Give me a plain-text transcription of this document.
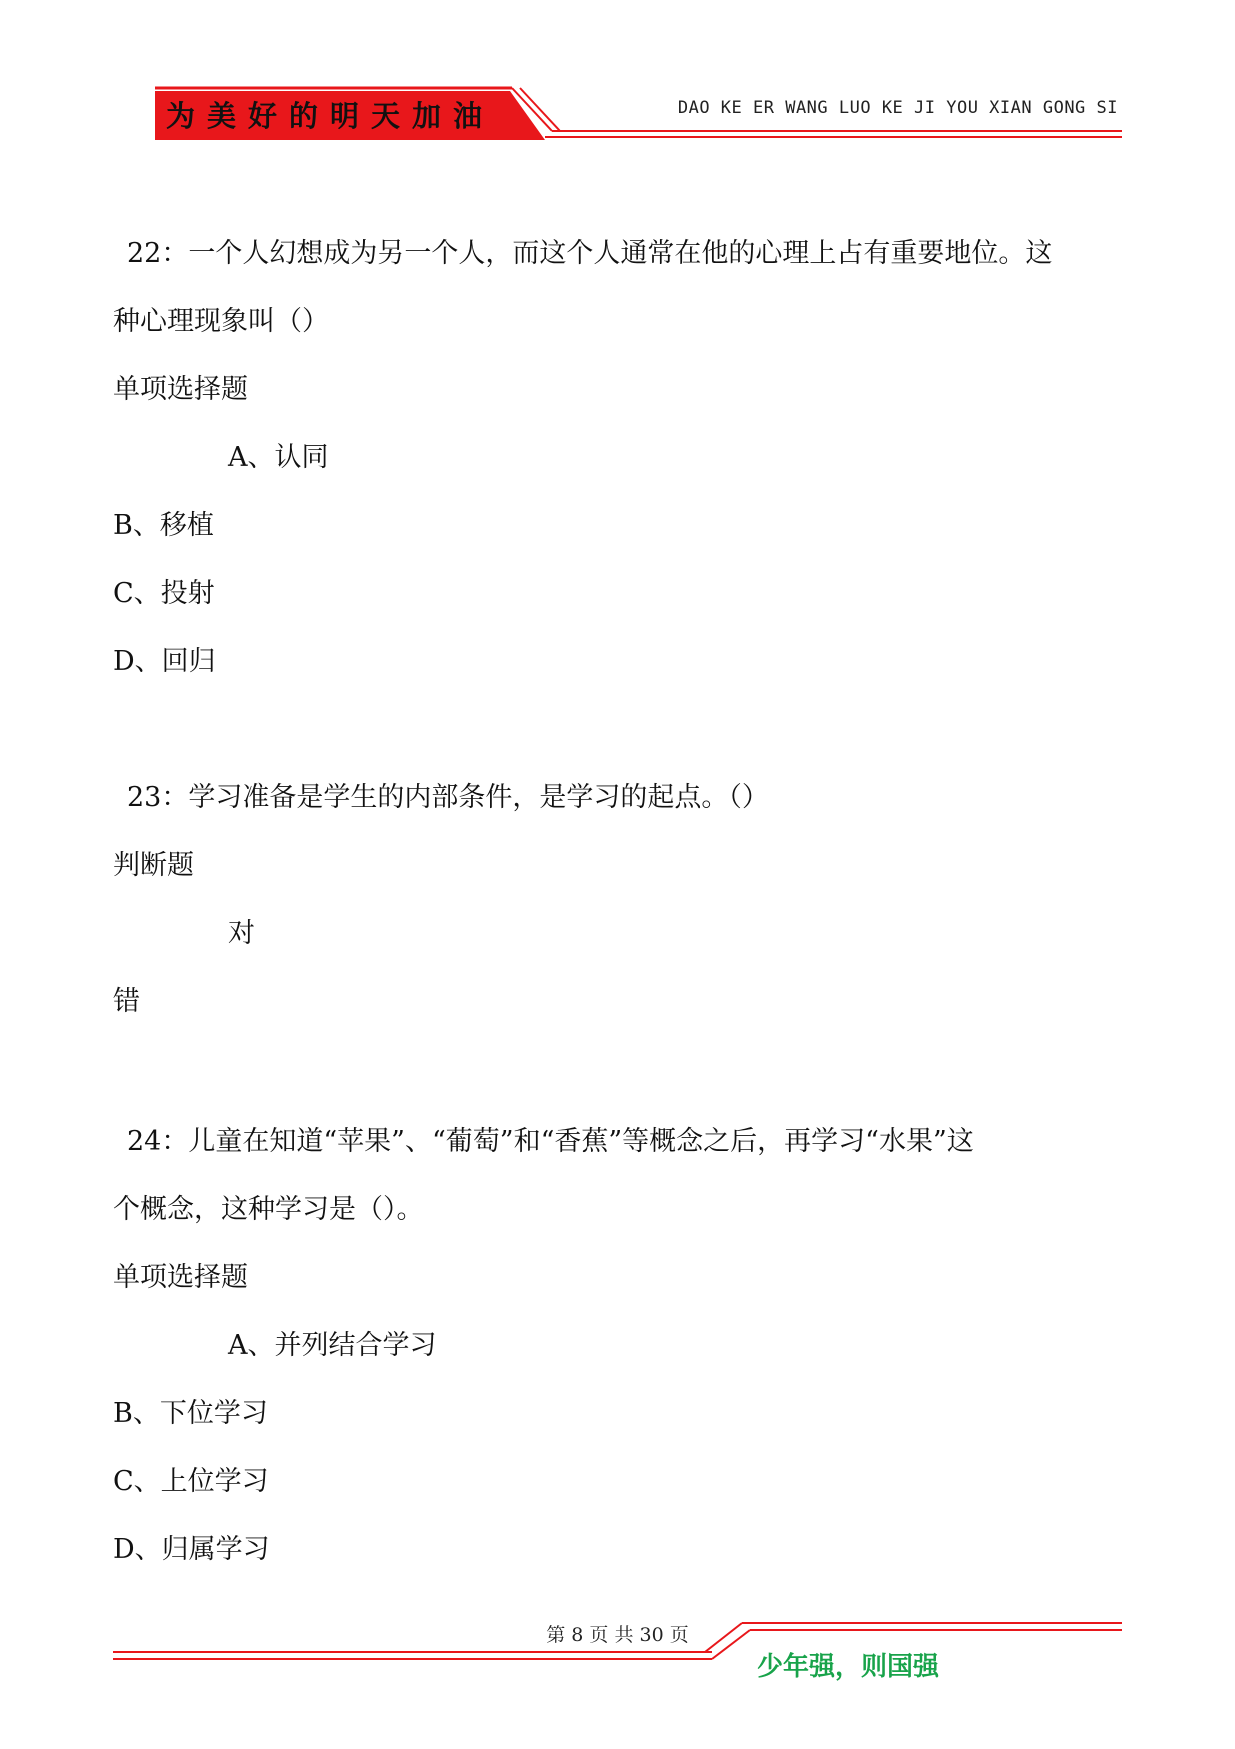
为美好的明天加油	DAO KE ER WANG LUO KE JI YOU XIAN GONG SI
22：一个人幻想成为另一个人，而这个人通常在他的心理上占有重要地位。这
种心理现象叫（）
单项选择题
A、认同
B、移植
C、投射
D、回归
23：学习准备是学生的内部条件，是学习的起点。（）
判断题
对
错
24：儿童在知道“苹果”、“葡萄”和“香蕉”等概念之后，再学习“水果”这
个概念，这种学习是（）。
单项选择题
A、并列结合学习
B、下位学习
C、上位学习
D、归属学习
第 8 页 共 30 页
少年强，则国强
